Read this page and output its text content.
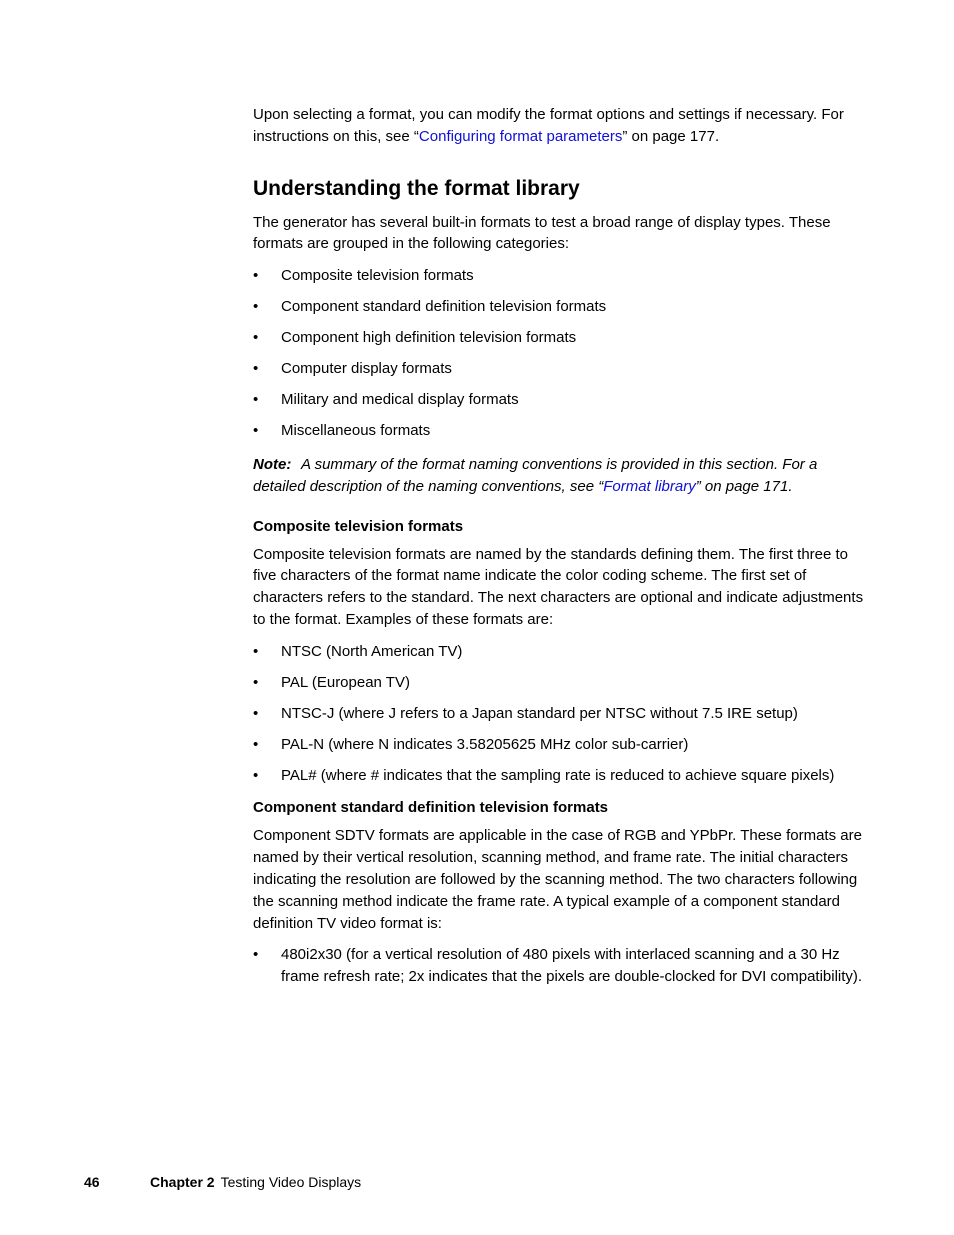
Upon selecting a format, you can modify the format options and settings if necessary. For instructions on this, see “Configuring format parameters” on page 177.

Understanding the format library

The generator has several built-in formats to test a broad range of display types. These formats are grouped in the following categories:

• Composite television formats
• Component standard definition television formats
• Component high definition television formats
• Computer display formats
• Military and medical display formats
• Miscellaneous formats

Note: A summary of the format naming conventions is provided in this section. For a detailed description of the naming conventions, see “Format library” on page 171.

Composite television formats

Composite television formats are named by the standards defining them. The first three to five characters of the format name indicate the color coding scheme. The first set of characters refers to the standard. The next characters are optional and indicate adjustments to the format. Examples of these formats are:

• NTSC (North American TV)
• PAL (European TV)
• NTSC-J (where J refers to a Japan standard per NTSC without 7.5 IRE setup)
• PAL-N (where N indicates 3.58205625 MHz color sub-carrier)
• PAL# (where # indicates that the sampling rate is reduced to achieve square pixels)
Component standard definition television formats

Component SDTV formats are applicable in the case of RGB and YPbPr. These formats are named by their vertical resolution, scanning method, and frame rate. The initial characters indicating the resolution are followed by the scanning method. The two characters following the scanning method indicate the frame rate. A typical example of a component standard definition TV video format is:

• 480i2x30 (for a vertical resolution of 480 pixels with interlaced scanning and a 30 Hz frame refresh rate; 2x indicates that the pixels are double-clocked for DVI compatibility).
46	Chapter 2 Testing Video Displays
